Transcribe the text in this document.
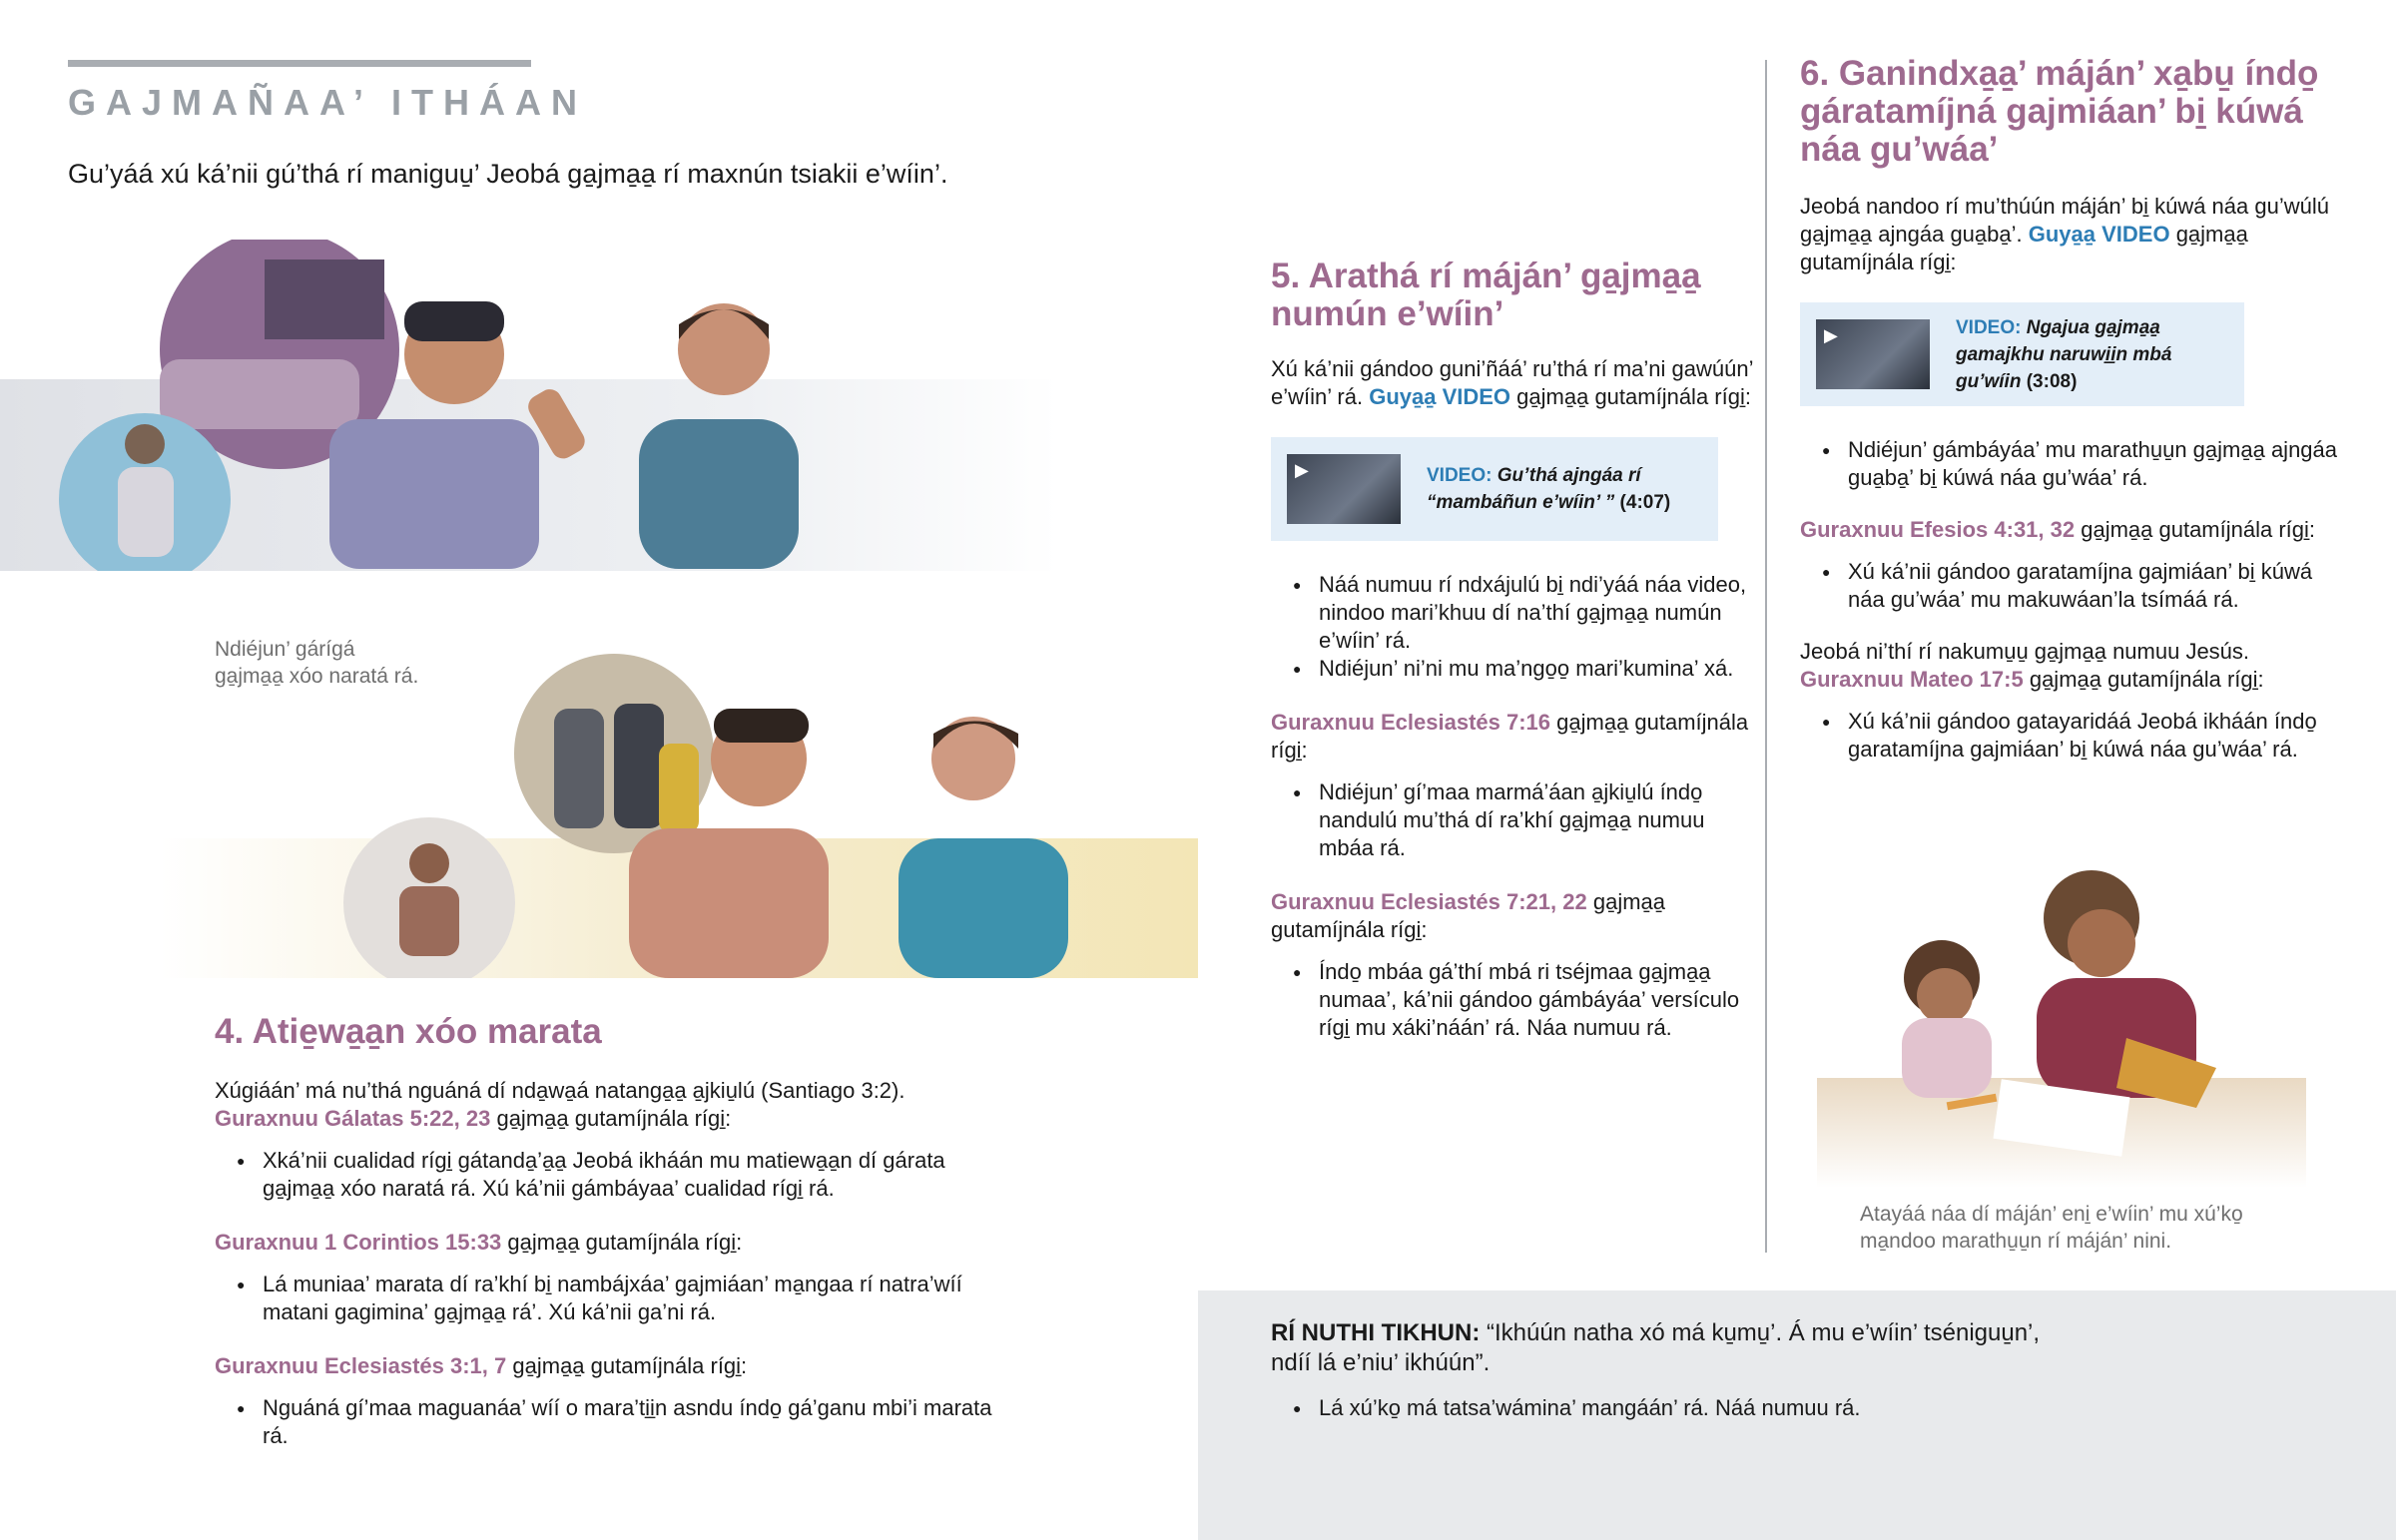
GAJMAÑAA’ ITHÁAN
Gu’yáá xú ká’nii gú’thá rí maniguu̱’ Jeobá ga̱jma̱a̱ rí maxnún tsiakii e’wíin’.
Ndiéjun’ gárígá
ga̱jma̱a̱ xóo naratá rá.
4. Atie̱wa̱a̱n xóo marata

Xúgiáán’ má nu’thá nguáná dí nda̱wa̱á natanga̱a̱ a̱jkiu̱lú (Santiago 3:2).

Guraxnuu Gálatas 5:22, 23 ga̱jma̱a̱ gutamíjnála rígi̱:

● Xká’nii cualidad rígi̱ gátanda̱’a̱a̱ Jeobá ikháán mu matiewa̱a̱n dí gárata ga̱jma̱a̱ xóo naratá rá. Xú ká’nii gámbáyaa’ cualidad rígi̱ rá.

Guraxnuu 1 Corintios 15:33 ga̱jma̱a̱ gutamíjnála rígi̱:

● Lá muniaa’ marata dí ra’khí bi̱ nambájxáa’ gajmiáan’ ma̱ngaa rí natra’wíí matani gagimina’ ga̱jma̱a̱ rá’. Xú ká’nii ga’ni rá.

Guraxnuu Eclesiastés 3:1, 7 ga̱jma̱a̱ gutamíjnála rígi̱:

● Nguáná gí’maa maguanáa’ wíí o mara’ti̱i̱n asndu índo̱ gá’ganu mbi’i marata rá.
5. Arathá rí máján’ ga̱jma̱a̱
numún e’wíin’

Xú ká’nii gándoo guni’ñáá’ ru’thá rí ma’ni gawúún’ e’wíin’ rá. Guya̱a̱ VIDEO ga̱jma̱a̱ gutamíjnála rígi̱:

▶	VIDEO: Gu’thá ajngáa rí “mambáñun e’wíin’ ” (4:07)
● Náá numuu rí ndxájulú bi̱ ndi’yáá náa video, nindoo mari’khuu dí na’thí ga̱jma̱a̱ numún e’wíin’ rá.
● Ndiéjun’ ni’ni mu ma’ngo̱o̱ mari’kumina’ xá.

Guraxnuu Eclesiastés 7:16 ga̱jma̱a̱ gutamíjnála rígi̱:

● Ndiéjun’ gí’maa marmá’áan a̱jkiu̱lú índo̱ nandulú mu’thá dí ra’khí ga̱jma̱a̱ numuu mbáa rá.

Guraxnuu Eclesiastés 7:21, 22 ga̱jma̱a̱ gutamíjnála rígi̱:

● Índo̱ mbáa gá’thí mbá ri tséjmaa ga̱jma̱a̱ numaa’, ká’nii gándoo gámbáyáa’ versículo rígi̱ mu xáki’náán’ rá. Náa numuu rá.
6. Ganindxa̱a̱’ máján’ xa̱bu̱ índo̱
gáratamíjná gajmiáan’ bi̱ kúwá
náa gu’wáa’

Jeobá nandoo rí mu’thúún máján’ bi̱ kúwá náa gu’wúlú ga̱jma̱a̱ ajngáa gua̱ba̱’. Guya̱a̱ VIDEO ga̱jma̱a̱ gutamíjnála rígi̱:

▶	VIDEO: Ngajua ga̱jma̱a̱ gamajkhu naruwi̱i̱n mbá gu’wíin (3:08)
● Ndiéjun’ gámbáyáa’ mu marathu̱u̱n ga̱jma̱a̱ ajngáa gua̱ba̱’ bi̱ kúwá náa gu’wáa’ rá.

Guraxnuu Efesios 4:31, 32 ga̱jma̱a̱ gutamíjnála rígi̱:

● Xú ká’nii gándoo garatamíjna gajmiáan’ bi̱ kúwá náa gu’wáa’ mu makuwáan’la tsímáá rá.

Jeobá ni’thí rí nakumu̱u̱ ga̱jma̱a̱ numuu Jesús.

Guraxnuu Mateo 17:5 ga̱jma̱a̱ gutamíjnála rígi̱:

● Xú ká’nii gándoo gatayaridáá Jeobá ikháán índo̱ garatamíjna gajmiáan’ bi̱ kúwá náa gu’wáa’ rá.
Atayáá náa dí máján’ eni̱ e’wíin’ mu xú’ko̱
ma̱ndoo marathu̱u̱n rí máján’ nini.

RÍ NUTHI TIKHUN: “Ikhúún natha xó má ku̱mu̱’. Á mu e’wíin’ tséniguu̱n’,
ndíí lá e’niu’ ikhúún”.

● Lá xú’ko̱ má tatsa’wámina’ mangáán’ rá. Náá numuu rá.
